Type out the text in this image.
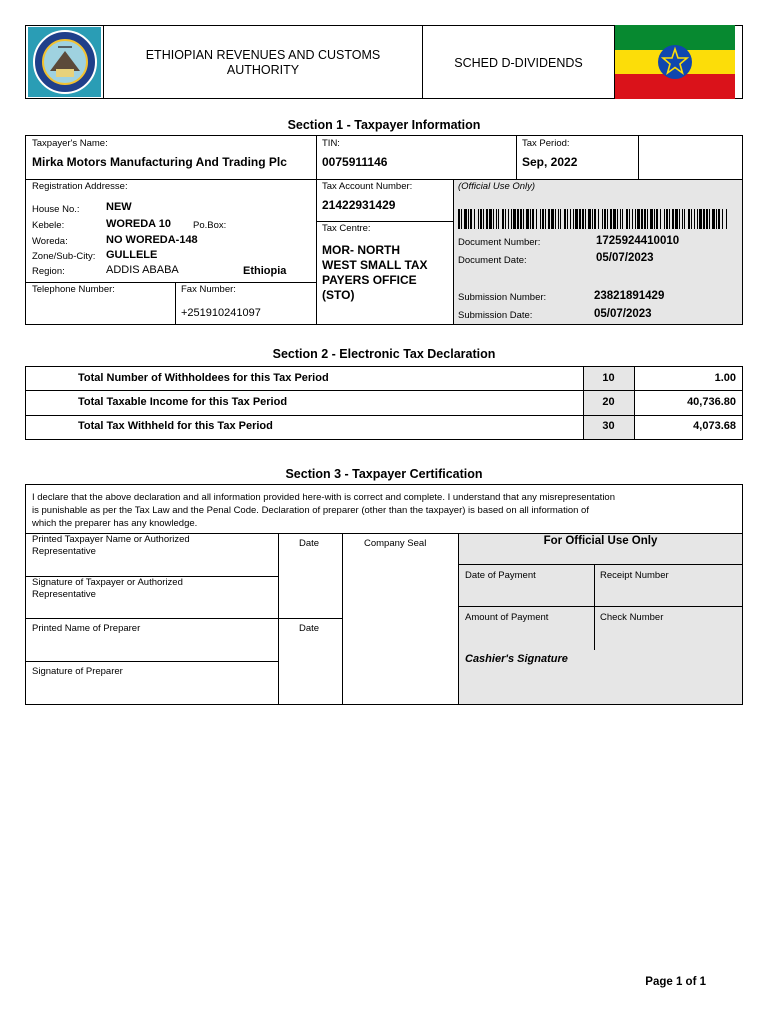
ETHIOPIAN REVENUES AND CUSTOMS
AUTHORITY	SCHED D-DIVIDENDS
Section 1 - Taxpayer Information
Taxpayer's Name:
Mirka Motors Manufacturing And Trading Plc
TIN:
0075911146
Tax Period:
Sep, 2022
Registration Addresse:
House No.: NEW
Kebele:	WOREDA 10 Po.Box:
Woreda:	NO WOREDA-148
Zone/Sub-City: GULLELE
Region:	ADDIS ABABA	Ethiopia
Telephone Number:	Fax Number:
+251910241097
Tax Account Number:
21422931429
Tax Centre:
MOR- NORTH
WEST SMALL TAX
PAYERS OFFICE
(STO)
(Official Use Only)
Document Number:	1725924410010
Document Date:	05/07/2023
Submission Number:	23821891429
Submission Date:	05/07/2023
Section 2 - Electronic Tax Declaration
Total Number of Withholdees for this Tax Period	10	1.00
Total Taxable Income for this Tax Period	20	40,736.80
Total Tax Withheld for this Tax Period	30	4,073.68
Section 3 - Taxpayer Certification
I declare that the above declaration and all information provided here-with is correct and complete. I understand that any misrepresentation
is punishable as per the Tax Law and the Penal Code. Declaration of preparer (other than the taxpayer) is based on all information of
which the preparer has any knowledge.
Printed Taxpayer Name or Authorized
Representative
Date	Company Seal	For Official Use Only
Signature of Taxpayer or Authorized
Representative
Date of Payment	Receipt Number
Printed Name of Preparer	Date
Amount of Payment	Check Number
Cashier's Signature
Signature of Preparer
Page 1 of 1
